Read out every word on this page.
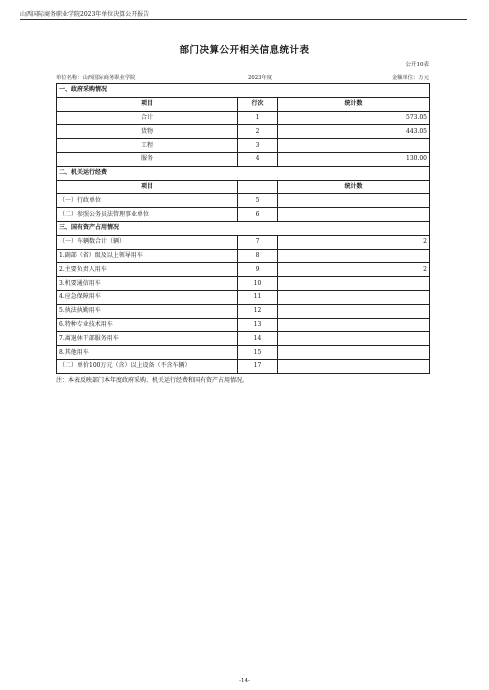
山西国际商务职业学院2023年单位决算公开报告
部门决算公开相关信息统计表
公开10表
单位名称：山西国际商务职业学院	2023年度	金额单位：万元
一、政府采购情况		
项目	行次	统计数
合计	1	573.05
货物	2	443.05
工程	3	
服务	4	130.00
二、机关运行经费		
项目		统计数
（一）行政单位	5	
（二）参照公务员法管理事业单位	6	
三、国有资产占用情况		
（一）车辆数合计（辆）	7	2
1.副部（省）级及以上领导用车	8	
2.主要负责人用车	9	2
3.机要通信用车	10	
4.应急保障用车	11	
5.执法执勤用车	12	
6.特种专业技术用车	13	
7.离退休干部服务用车	14	
8.其他用车	15	
（二）单价100万元（含）以上设备（不含车辆）	17	
注：本表反映部门本年度政府采购、机关运行经费和国有资产占用情况。
-14-
